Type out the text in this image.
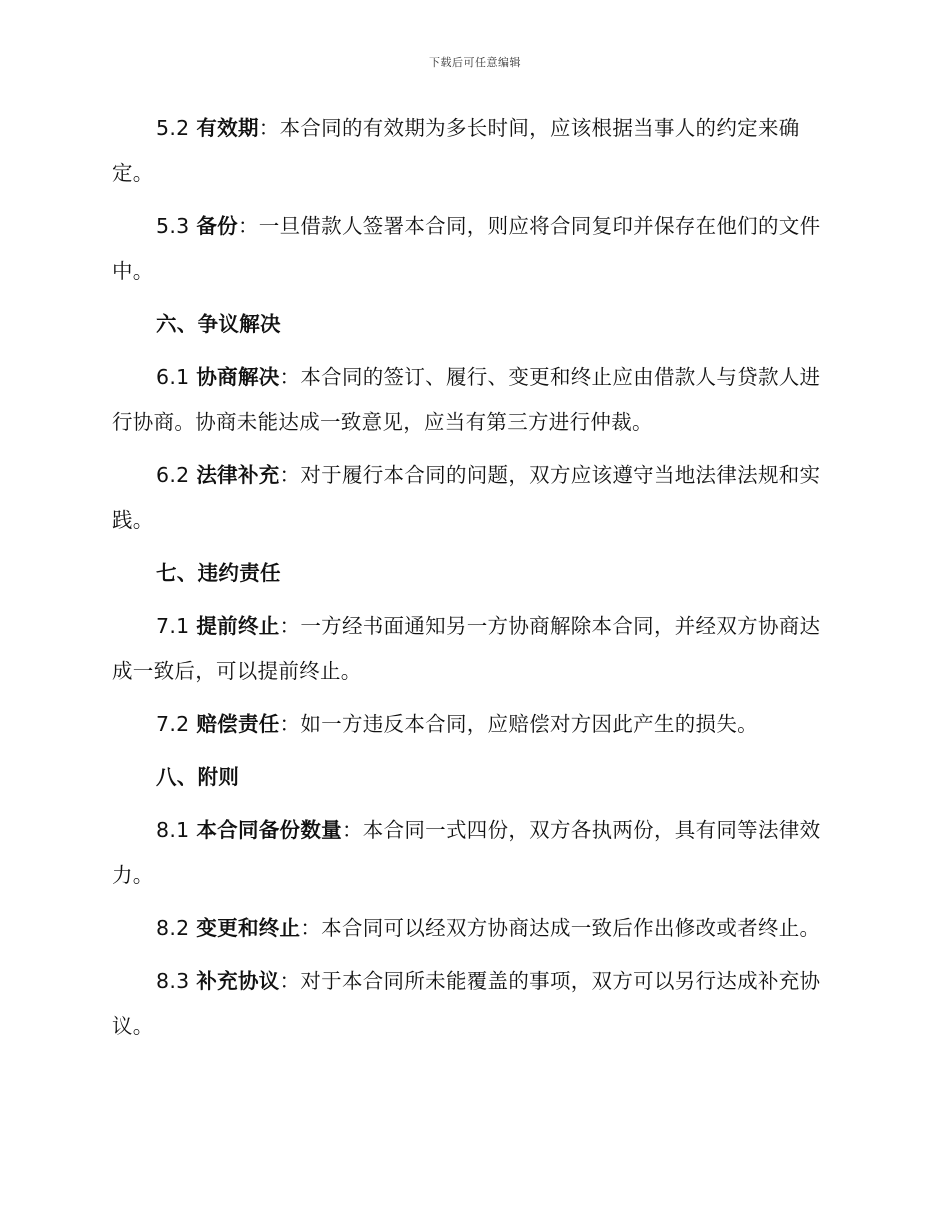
下载后可任意编辑

5.2 有效期：本合同的有效期为多长时间，应该根据当事人的约定来确定。

5.3 备份：一旦借款人签署本合同，则应将合同复印并保存在他们的文件中。

六、争议解决

6.1 协商解决：本合同的签订、履行、变更和终止应由借款人与贷款人进行协商。协商未能达成一致意见，应当有第三方进行仲裁。

6.2 法律补充：对于履行本合同的问题，双方应该遵守当地法律法规和实践。

七、违约责任

7.1 提前终止：一方经书面通知另一方协商解除本合同，并经双方协商达成一致后，可以提前终止。

7.2 赔偿责任：如一方违反本合同，应赔偿对方因此产生的损失。

八、附则

8.1 本合同备份数量：本合同一式四份，双方各执两份，具有同等法律效力。

8.2 变更和终止：本合同可以经双方协商达成一致后作出修改或者终止。

8.3 补充协议：对于本合同所未能覆盖的事项，双方可以另行达成补充协议。
